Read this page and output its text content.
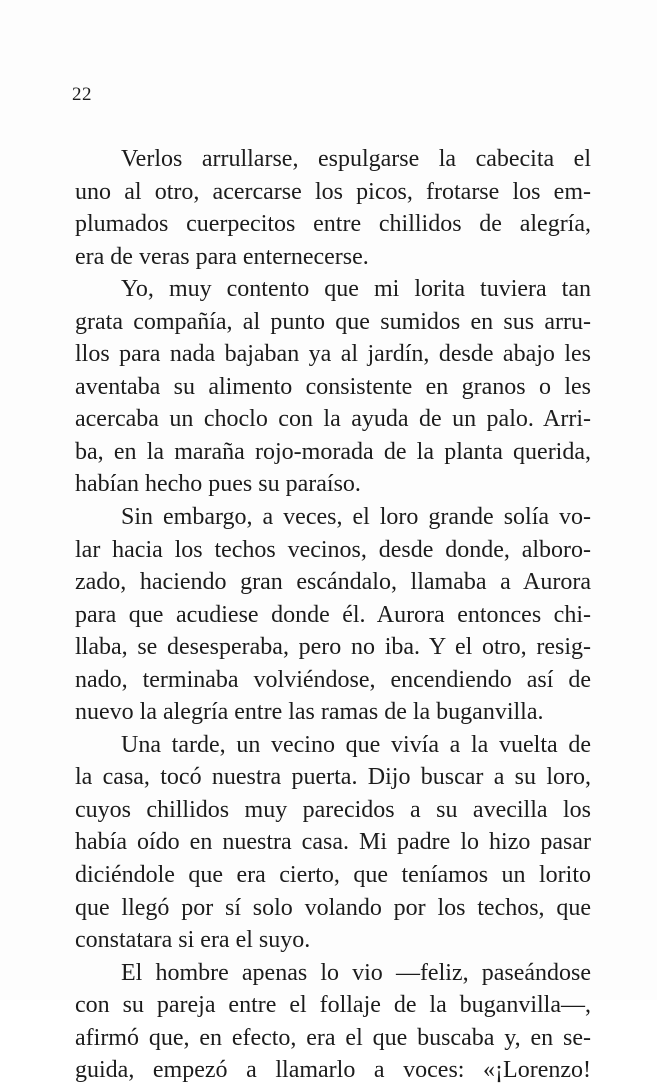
22
Verlos arrullarse, espulgarse la cabecita el
uno al otro, acercarse los picos, frotarse los em-
plumados cuerpecitos entre chillidos de alegría,
era de veras para enternecerse.
Yo, muy contento que mi lorita tuviera tan
grata compañía, al punto que sumidos en sus arru-
llos para nada bajaban ya al jardín, desde abajo les
aventaba su alimento consistente en granos o les
acercaba un choclo con la ayuda de un palo. Arri-
ba, en la maraña rojo-morada de la planta querida,
habían hecho pues su paraíso.
Sin embargo, a veces, el loro grande solía vo-
lar hacia los techos vecinos, desde donde, alboro-
zado, haciendo gran escándalo, llamaba a Aurora
para que acudiese donde él. Aurora entonces chi-
llaba, se desesperaba, pero no iba. Y el otro, resig-
nado, terminaba volviéndose, encendiendo así de
nuevo la alegría entre las ramas de la buganvilla.
Una tarde, un vecino que vivía a la vuelta de
la casa, tocó nuestra puerta. Dijo buscar a su loro,
cuyos chillidos muy parecidos a su avecilla los
había oído en nuestra casa. Mi padre lo hizo pasar
diciéndole que era cierto, que teníamos un lorito
que llegó por sí solo volando por los techos, que
constatara si era el suyo.
El hombre apenas lo vio —feliz, paseándose
con su pareja entre el follaje de la buganvilla—,
afirmó que, en efecto, era el que buscaba y, en se-
guida, empezó a llamarlo a voces: «¡Lorenzo!
